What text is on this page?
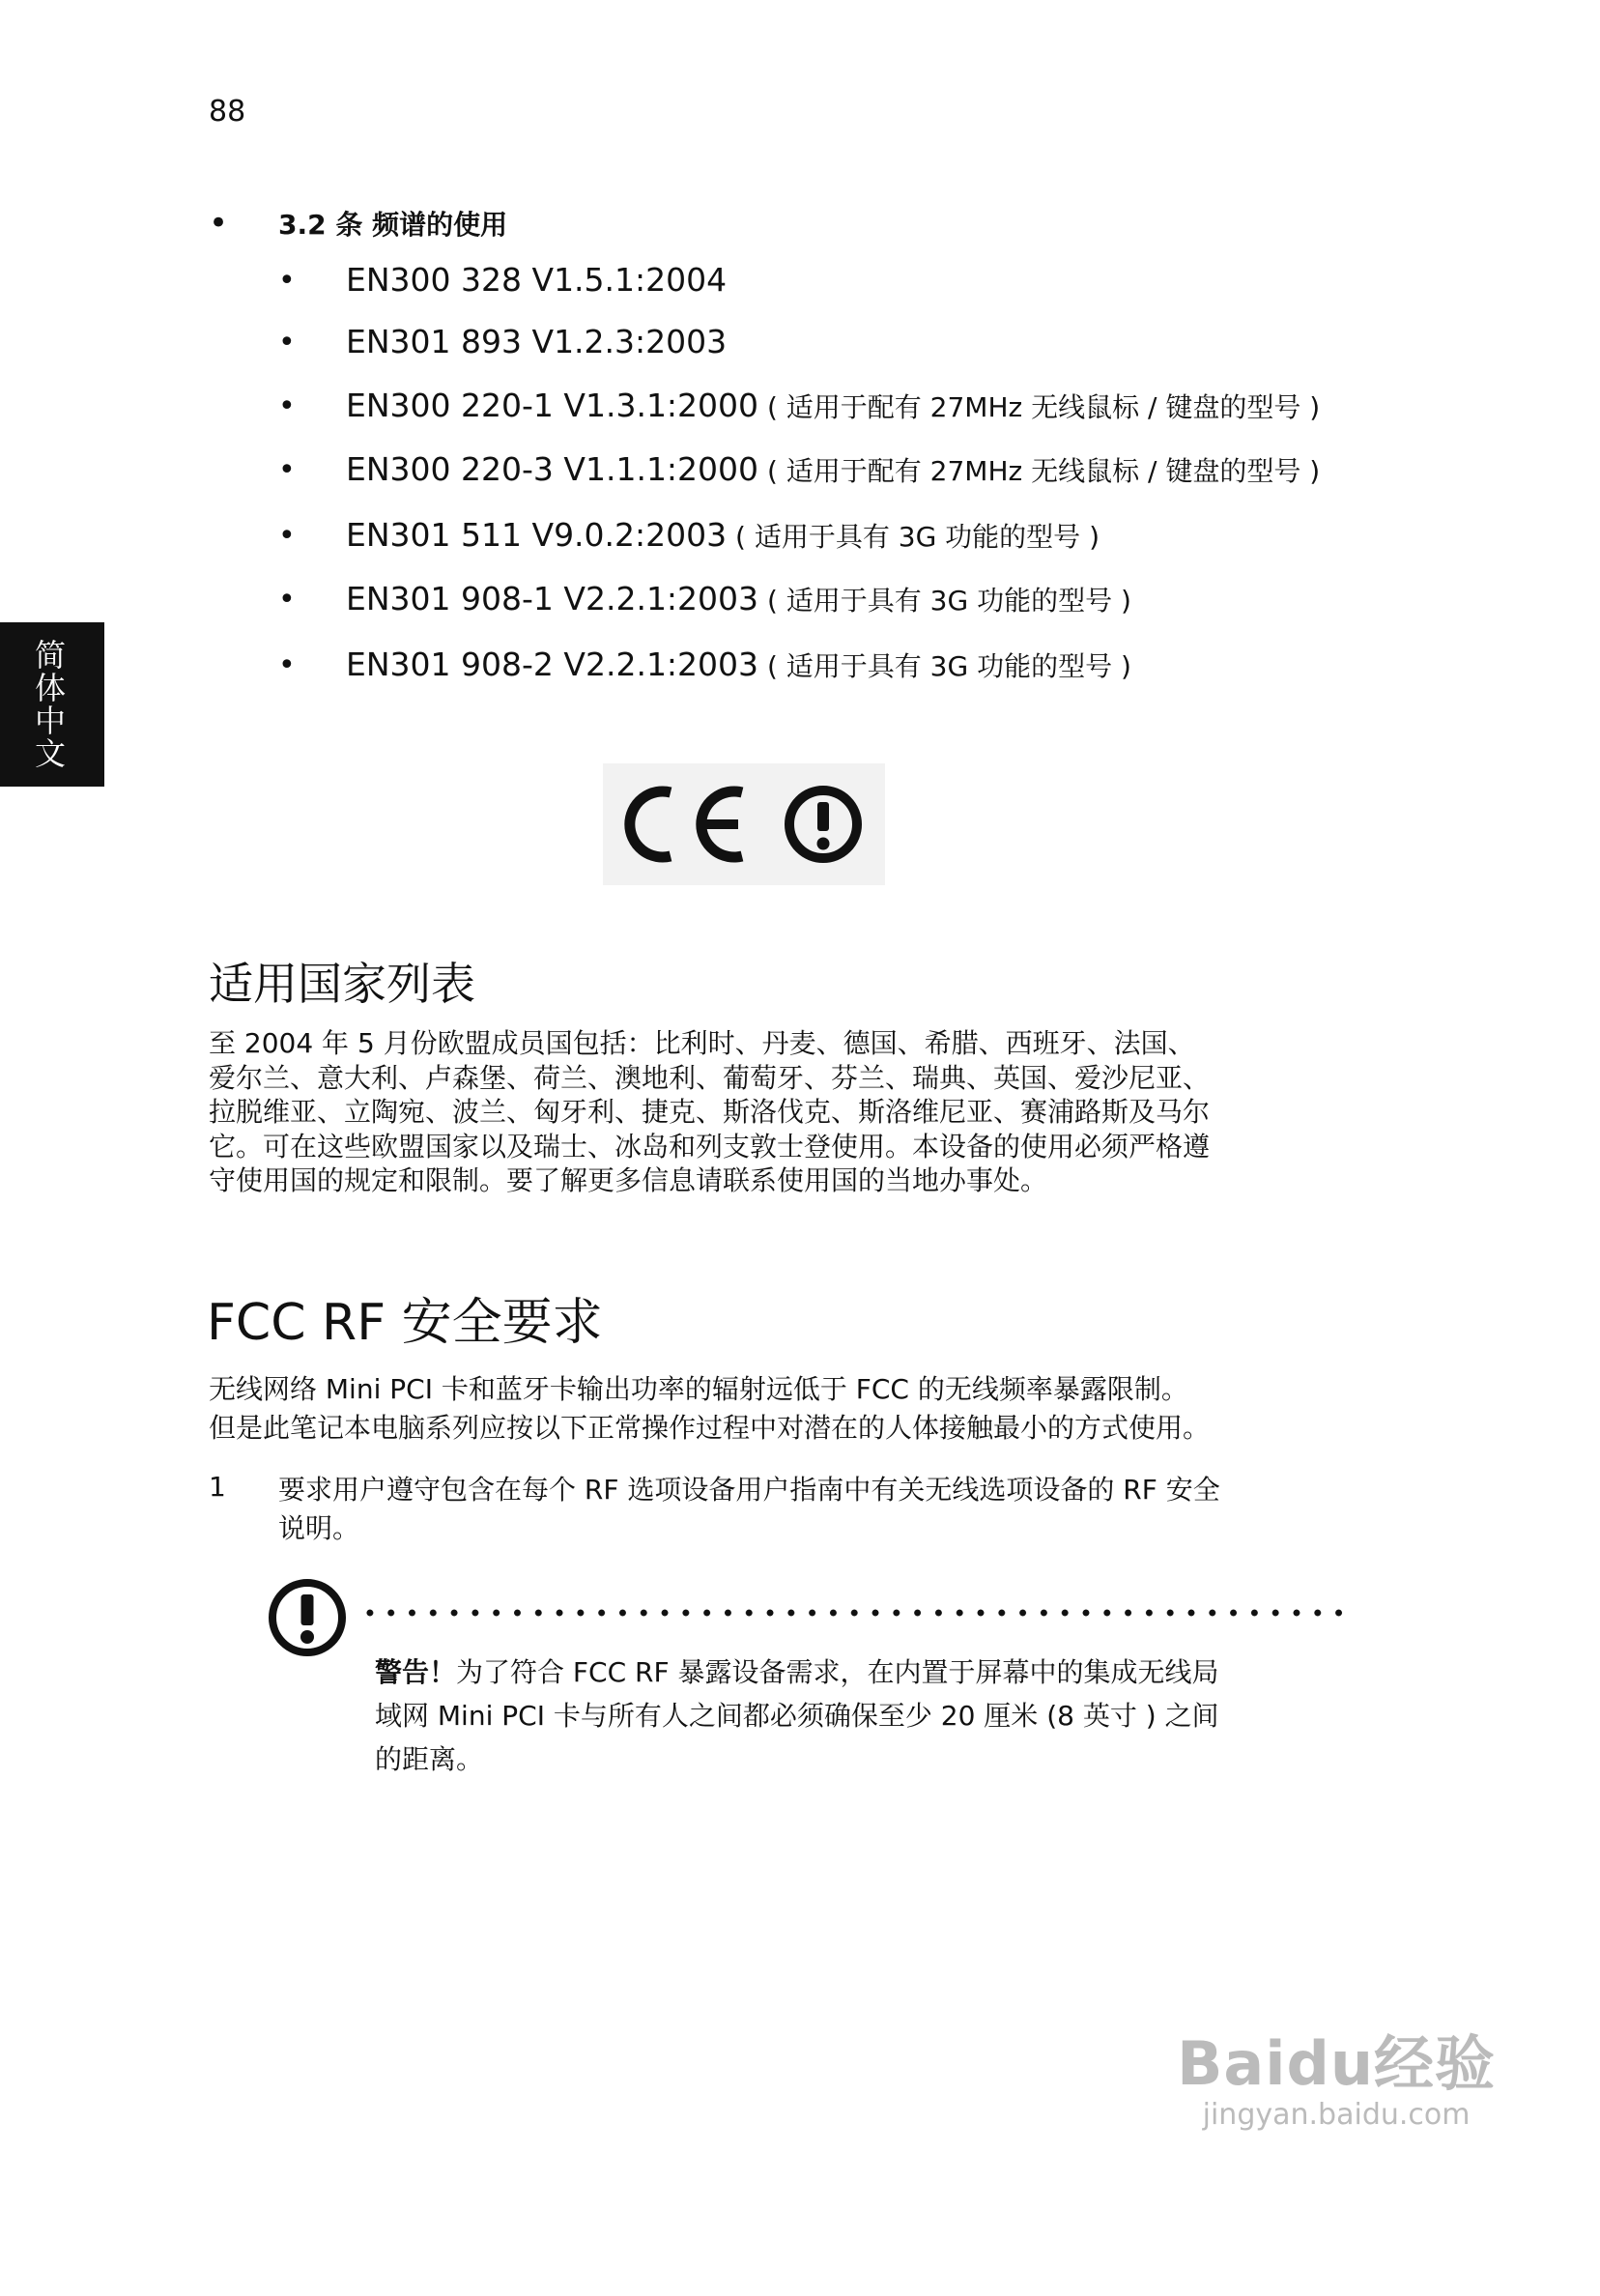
88
简体中文
• 3.2 条 频谱的使用
• EN300 328 V1.5.1:2004
• EN301 893 V1.2.3:2003
• EN300 220-1 V1.3.1:2000 ( 适用于配有 27MHz 无线鼠标 / 键盘的型号 )
• EN300 220-3 V1.1.1:2000 ( 适用于配有 27MHz 无线鼠标 / 键盘的型号 )
• EN301 511 V9.0.2:2003 ( 适用于具有 3G 功能的型号 )
• EN301 908-1 V2.2.1:2003 ( 适用于具有 3G 功能的型号 )
• EN301 908-2 V2.2.1:2003 ( 适用于具有 3G 功能的型号 )
适用国家列表
至 2004 年 5 月份欧盟成员国包括：比利时、丹麦、德国、希腊、西班牙、法国、
爱尔兰、意大利、卢森堡、荷兰、澳地利、葡萄牙、芬兰、瑞典、英国、爱沙尼亚、
拉脱维亚、立陶宛、波兰、匈牙利、捷克、斯洛伐克、斯洛维尼亚、赛浦路斯及马尔
它。可在这些欧盟国家以及瑞士、冰岛和列支敦士登使用。本设备的使用必须严格遵
守使用国的规定和限制。要了解更多信息请联系使用国的当地办事处。
FCC RF 安全要求
无线网络 Mini PCI 卡和蓝牙卡输出功率的辐射远低于 FCC 的无线频率暴露限制。
但是此笔记本电脑系列应按以下正常操作过程中对潜在的人体接触最小的方式使用。
1 要求用户遵守包含在每个 RF 选项设备用户指南中有关无线选项设备的 RF 安全
说明。
警告！为了符合 FCC RF 暴露设备需求，在内置于屏幕中的集成无线局
域网 Mini PCI 卡与所有人之间都必须确保至少 20 厘米 (8 英寸 ) 之间
的距离。
Baidu经验
jingyan.baidu.com
